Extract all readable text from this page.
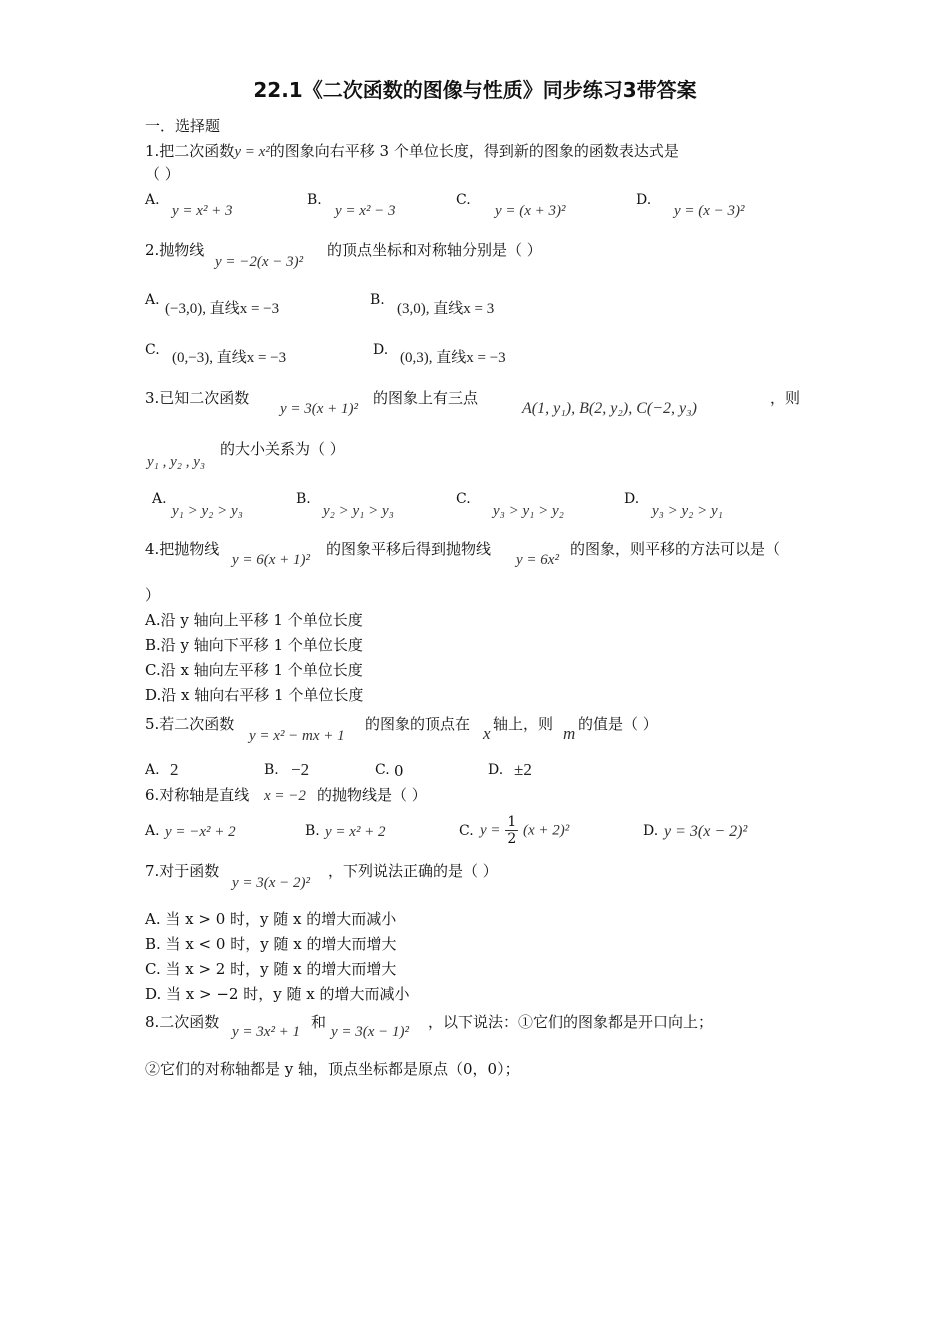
22.1《二次函数的图像与性质》同步练习3带答案
一．选择题
1.把二次函数y = x²的图象向右平移 3 个单位长度，得到新的图象的函数表达式是
（ ）
A.
y = x² + 3
B.
y = x² − 3
C.
y = (x + 3)²
D.
y = (x − 3)²
2.抛物线
y = −2(x − 3)²
的顶点坐标和对称轴分别是（ ）
A.
(−3,0), 直线x = −3
B.
(3,0), 直线x = 3
C. (0,−3), 直线x = −3	D. (0,3), 直线x = −3
3.已知二次函数
y = 3(x + 1)²
的图象上有三点
A(1, y₁), B(2, y₂), C(−2, y₃)
，则
y₁ , y₂ , y₃
的大小关系为（ ）
A.
y₁ > y₂ > y₃
B.
y₂ > y₁ > y₃
C.
y₃ > y₁ > y₂
D.
y₃ > y₂ > y₁
4.把抛物线
y = 6(x + 1)²
的图象平移后得到抛物线
y = 6x²
的图象，则平移的方法可以是（
）
A.沿 y 轴向上平移 1 个单位长度
B.沿 y 轴向下平移 1 个单位长度
C.沿 x 轴向左平移 1 个单位长度
D.沿 x 轴向右平移 1 个单位长度
5.若二次函数
y = x² − mx + 1
的图象的顶点在 x 轴上，则 m 的值是（ ）
A. 2	B. −2	C. 0	D. ±2
6.对称轴是直线 x = −2 的抛物线是（ ）
A. y = −x² + 2	B. y = x² + 2	C. $y = \frac{1}{2} (x + 2)^2$	D. y = 3(x − 2)²
7.对于函数
y = 3(x − 2)²
，下列说法正确的是（ ）
A. 当 x > 0 时，y 随 x 的增大而减小
B. 当 x < 0 时，y 随 x 的增大而增大
C. 当 x > 2 时，y 随 x 的增大而增大
D. 当 x > −2 时，y 随 x 的增大而减小
8.二次函数
y = 3x² + 1
和
y = 3(x − 1)²
，以下说法：①它们的图象都是开口向上；
②它们的对称轴都是 y 轴，顶点坐标都是原点（0，0）；
